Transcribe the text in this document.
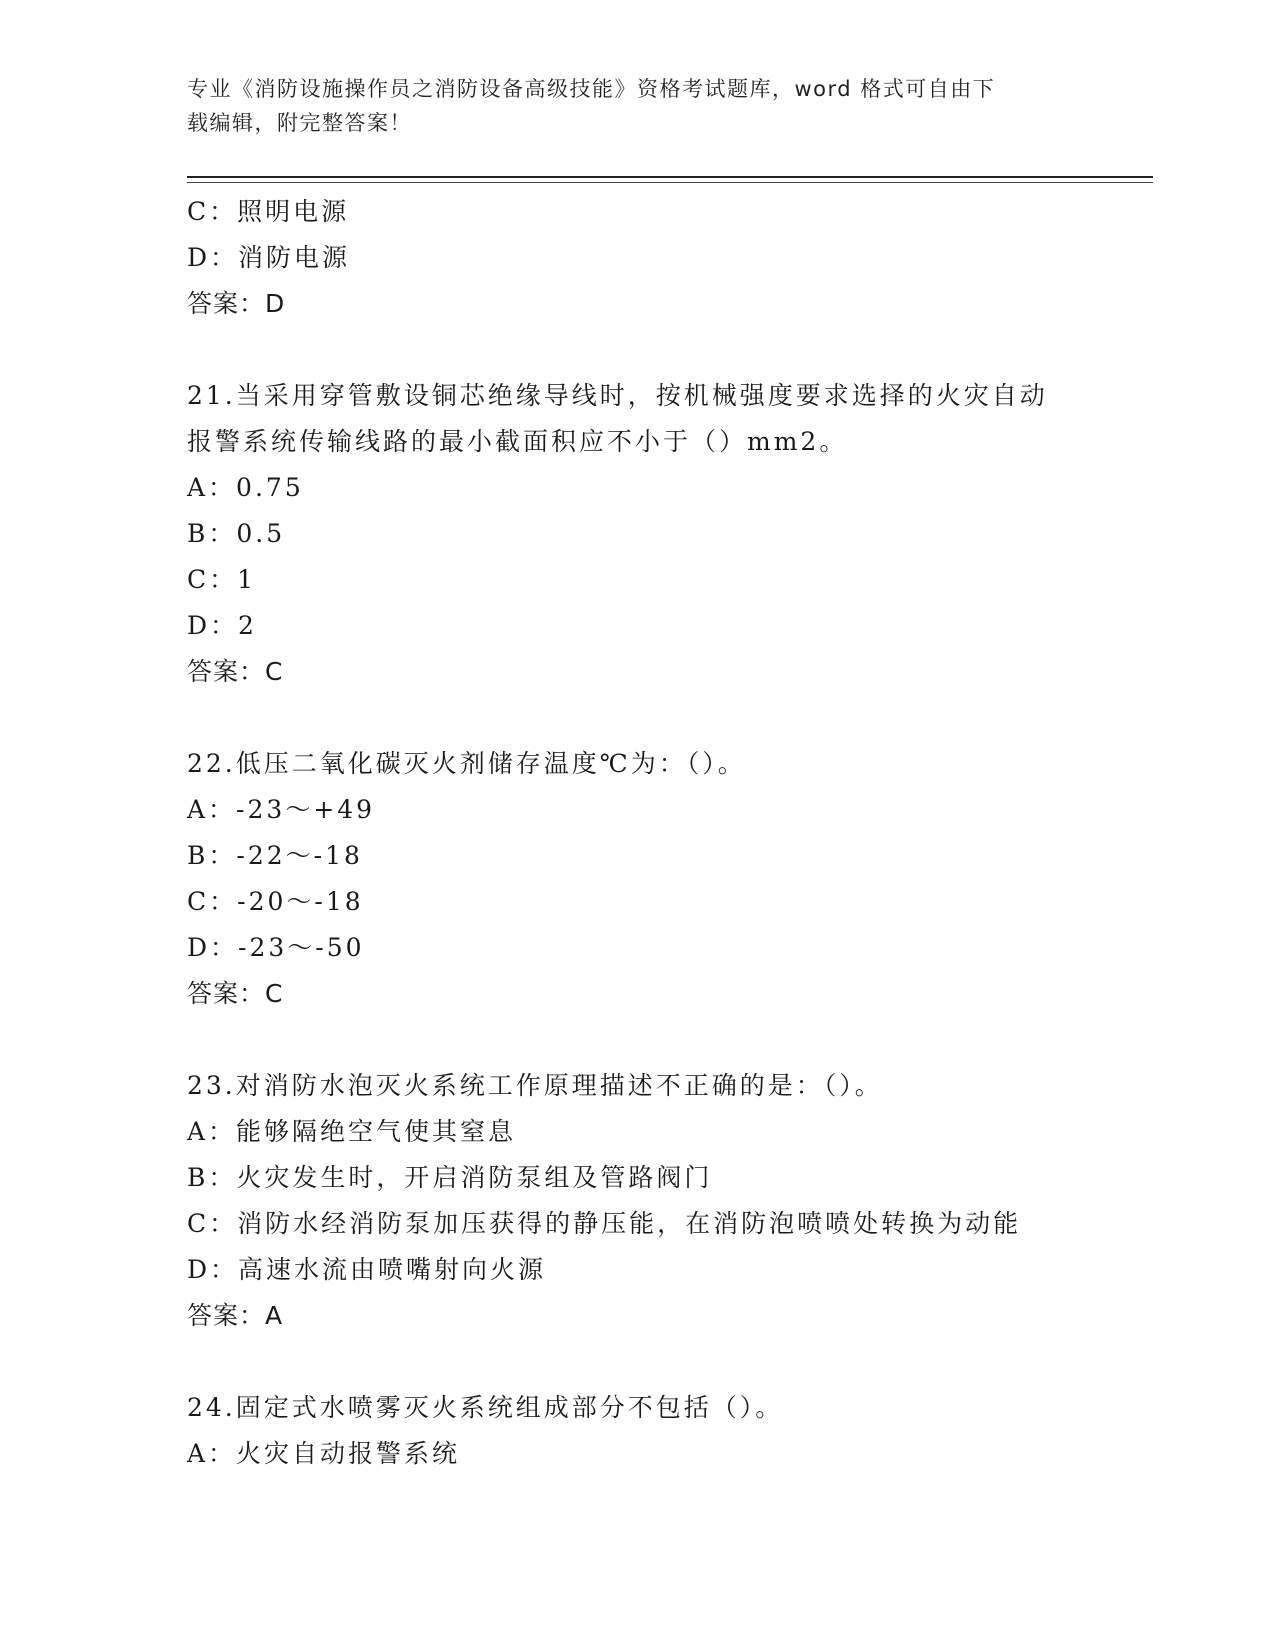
专业《消防设施操作员之消防设备高级技能》资格考试题库，word 格式可自由下
载编辑，附完整答案！
C：照明电源
D：消防电源
答案：D
21.当采用穿管敷设铜芯绝缘导线时，按机械强度要求选择的火灾自动
报警系统传输线路的最小截面积应不小于（）mm2。
A：0.75
B：0.5
C：1
D：2
答案：C
22.低压二氧化碳灭火剂储存温度℃为：（）。
A：-23～+49
B：-22～-18
C：-20～-18
D：-23～-50
答案：C
23.对消防水泡灭火系统工作原理描述不正确的是：（）。
A：能够隔绝空气使其窒息
B：火灾发生时，开启消防泵组及管路阀门
C：消防水经消防泵加压获得的静压能，在消防泡喷喷处转换为动能
D：高速水流由喷嘴射向火源
答案：A
24.固定式水喷雾灭火系统组成部分不包括（）。
A：火灾自动报警系统
